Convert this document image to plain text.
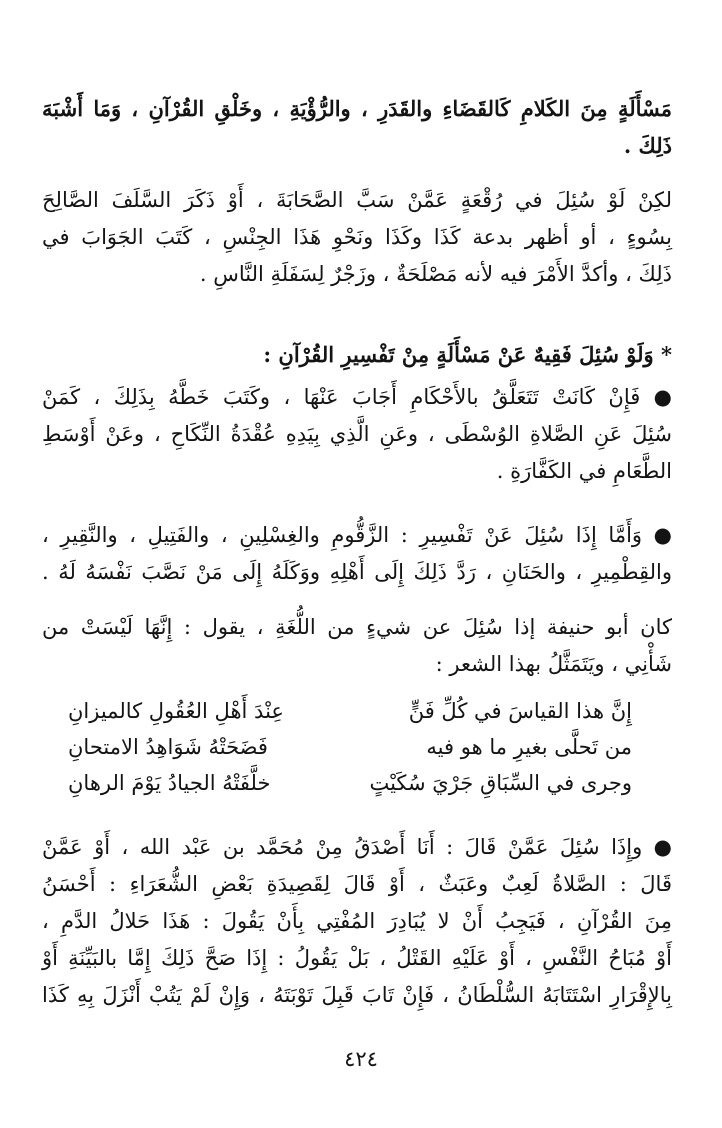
مَسْأَلَةٍ مِنَ الكَلامِ كَالقَضَاءِ والقَدَرِ ، والرُّؤْيَةِ ، وخَلْقِ القُرْآنِ ، وَمَا أَشْبَهَ
ذَلِكَ .
لكِنْ لَوْ سُئِلَ في رُقْعَةٍ عَمَّنْ سَبَّ الصَّحَابَةَ ، أَوْ ذَكَرَ السَّلَفَ الصَّالِحَ
بِسُوءٍ ، أو أظهر بدعة كَذَا وكَذَا ونَحْوِ هَذَا الجِنْسِ ، كَتَبَ الجَوَابَ في
ذَلِكَ ، وأكدَّ الأَمْرَ فيه لأنه مَصْلَحَةٌ ، وزَجْرٌ لِسَفَلَةِ النَّاسِ .
* وَلَوْ سُئِلَ فَقِيهٌ عَنْ مَسْأَلَةٍ مِنْ تَفْسِيرِ القُرْآنِ :
● فَإِنْ كَانَتْ تَتَعَلَّقُ بالأَحْكَامِ أَجَابَ عَنْهَا ، وكَتَبَ خَطَّهُ بِذَلِكَ ، كَمَنْ
سُئِلَ عَنِ الصَّلاةِ الوُسْطَى ، وعَنِ الَّذِي بِيَدِهِ عُقْدَةُ النِّكَاحِ ، وعَنْ أَوْسَطِ
الطَّعَامِ في الكَفَّارَةِ .
● وَأَمَّا إِذَا سُئِلَ عَنْ تَفْسِيرِ : الزَّقُّومِ والغِسْلِينِ ، والفَتِيلِ ، والنَّقِيرِ ،
والقِطْمِيرِ ، والحَنَانِ ، رَدَّ ذَلِكَ إِلَى أَهْلِهِ ووَكَلَهُ إِلَى مَنْ نَصَّبَ نَفْسَهُ لَهُ .
كان أبو حنيفة إذا سُئِلَ عن شيءٍ من اللُّغَةِ ، يقول : إِنَّهَا لَيْسَتْ من
شَأْنِي ، ويَتَمَثَّلُ بهذا الشعر :
إِنَّ هذا القياسَ في كُلِّ فَنٍّ
عِنْدَ أَهْلِ العُقُولِ كالميزانِ
من تَحلَّى بغيرِ ما هو فيه
فَضَحَتْهُ شَوَاهِدُ الامتحانِ
وجرى في السِّبَاقِ جَرْيَ سُكَيْتٍ
خلَّفَتْهُ الجيادُ يَوْمَ الرهانِ
● وإِذَا سُئِلَ عَمَّنْ قَالَ : أَنَا أَصْدَقُ مِنْ مُحَمَّد بن عَبْد الله ، أَوْ عَمَّنْ
قَالَ : الصَّلاةُ لَعِبٌ وعَبَثٌ ، أَوْ قَالَ لِقَصِيدَةِ بَعْضِ الشُّعَرَاءِ : أَحْسَنُ
مِنَ القُرْآنِ ، فَيَجِبُ أَنْ لا يُبَادِرَ المُفْتِي بِأَنْ يَقُولَ : هَذَا حَلالُ الدَّمِ ،
أَوْ مُبَاحُ النَّفْسِ ، أَوْ عَلَيْهِ القَتْلُ ، بَلْ يَقُولُ : إِذَا صَحَّ ذَلِكَ إِمَّا بالبَيِّنَةِ أَوْ
بِالإِقْرَارِ اسْتَتَابَهُ السُّلْطَانُ ، فَإِنْ تَابَ قَبِلَ تَوْبَتَهُ ، وَإِنْ لَمْ يَتُبْ أَنْزَلَ بِهِ كَذَا
٤٢٤
